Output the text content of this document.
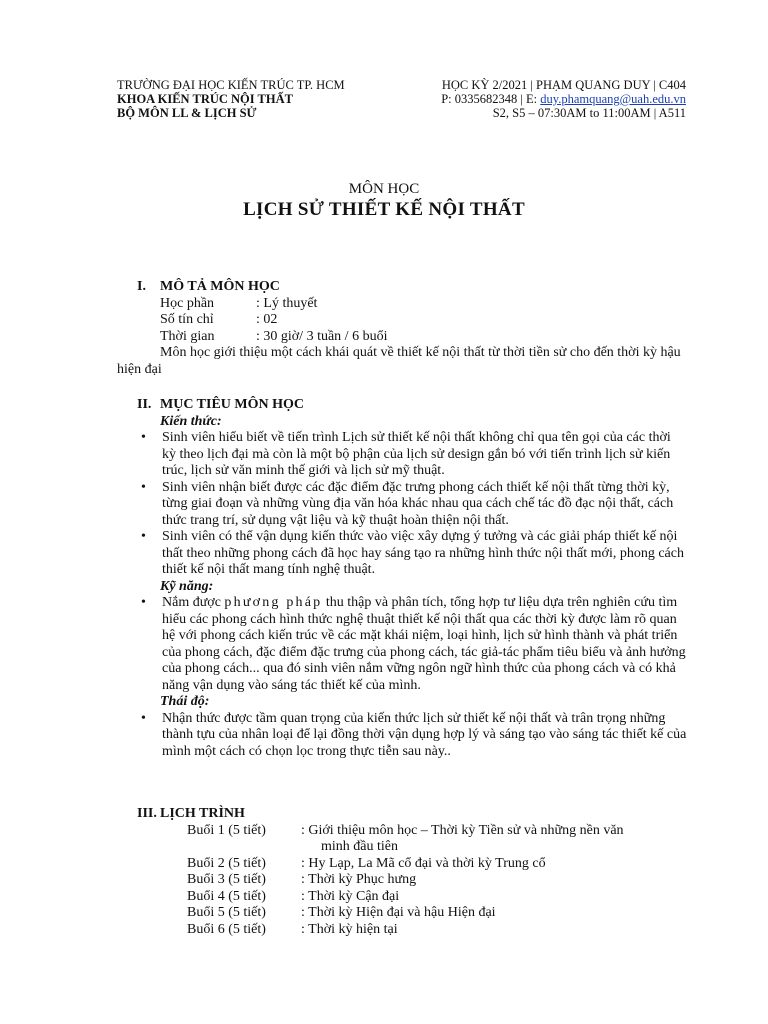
TRƯỜNG ĐẠI HỌC KIẾN TRÚC TP. HCM
KHOA KIẾN TRÚC NỘI THẤT
BỘ MÔN LL & LỊCH SỬ
HỌC KỲ 2/2021 | PHẠM QUANG DUY | C404
P: 0335682348 | E: duy.phamquang@uah.edu.vn
S2, S5 – 07:30AM to 11:00AM | A511
MÔN HỌC
LỊCH SỬ THIẾT KẾ NỘI THẤT
I. MÔ TẢ MÔN HỌC
Học phần	: Lý thuyết
Số tín chỉ	: 02
Thời gian	: 30 giờ/ 3 tuần / 6 buổi

Môn học giới thiệu một cách khái quát về thiết kế nội thất từ thời tiền sử cho đến thời kỳ hậu hiện đại

II. MỤC TIÊU MÔN HỌC
Kiến thức:
• Sinh viên hiểu biết về tiến trình Lịch sử thiết kế nội thất không chỉ qua tên gọi của các thời kỳ theo lịch đại mà còn là một bộ phận của lịch sử design gắn bó với tiến trình lịch sử kiến trúc, lịch sử văn minh thế giới và lịch sử mỹ thuật.
• Sinh viên nhận biết được các đặc điểm đặc trưng phong cách thiết kế nội thất từng thời kỳ, từng giai đoạn và những vùng địa văn hóa khác nhau qua cách chế tác đồ đạc nội thất, cách thức trang trí, sử dụng vật liệu và kỹ thuật hoàn thiện nội thất.
• Sinh viên có thể vận dụng kiến thức vào việc xây dựng ý tưởng và các giải pháp thiết kế nội thất theo những phong cách đã học hay sáng tạo ra những hình thức nội thất mới, phong cách thiết kế nội thất mang tính nghệ thuật.
Kỹ năng:
• Nắm được phương pháp thu thập và phân tích, tổng hợp tư liệu dựa trên nghiên cứu tìm hiểu các phong cách hình thức nghệ thuật thiết kế nội thất qua các thời kỳ được làm rõ quan hệ với phong cách kiến trúc về các mặt khái niệm, loại hình, lịch sử hình thành và phát triển của phong cách, đặc điểm đặc trưng của phong cách, tác giả-tác phẩm tiêu biểu và ảnh hưởng của phong cách... qua đó sinh viên nắm vững ngôn ngữ hình thức của phong cách và có khả năng vận dụng vào sáng tác thiết kế của mình.
Thái độ:
• Nhận thức được tầm quan trọng của kiến thức lịch sử thiết kế nội thất và trân trọng những thành tựu của nhân loại để lại đồng thời vận dụng hợp lý và sáng tạo vào sáng tác thiết kế của mình một cách có chọn lọc trong thực tiễn sau này..
III. LỊCH TRÌNH
Buổi 1 (5 tiết)	: Giới thiệu môn học – Thời kỳ Tiền sử và những nền văn
minh đầu tiên
Buổi 2 (5 tiết)	: Hy Lạp, La Mã cổ đại và thời kỳ Trung cổ
Buổi 3 (5 tiết)	: Thời kỳ Phục hưng
Buổi 4 (5 tiết)	: Thời kỳ Cận đại
Buổi 5 (5 tiết)	: Thời kỳ Hiện đại và hậu Hiện đại
Buổi 6 (5 tiết)	: Thời kỳ hiện tại
